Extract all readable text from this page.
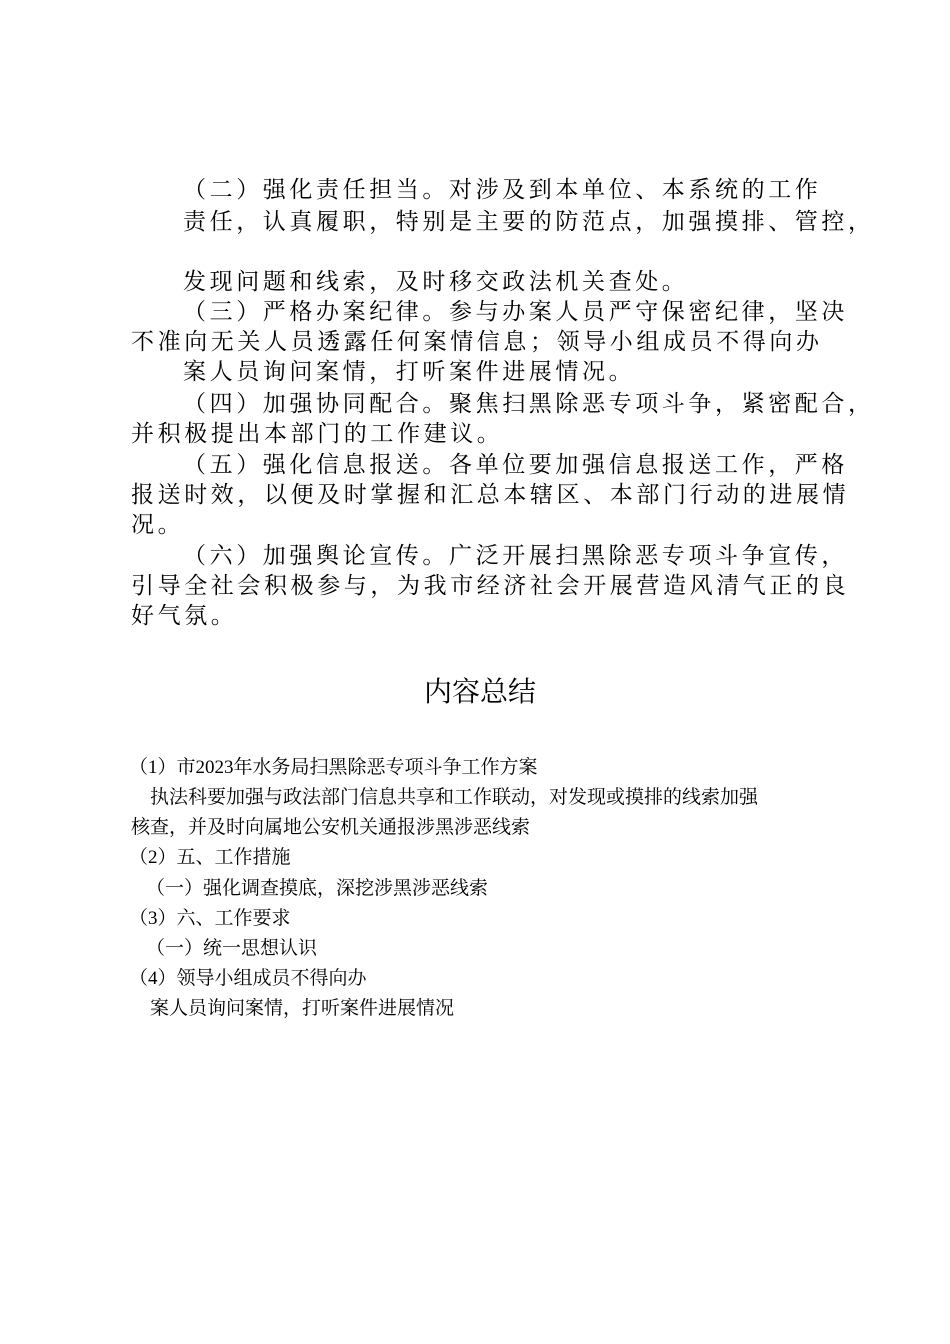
（二）强化责任担当。对涉及到本单位、本系统的工作
责任，认真履职，特别是主要的防范点，加强摸排、管控，
发现问题和线索，及时移交政法机关查处。
（三）严格办案纪律。参与办案人员严守保密纪律，坚决
不准向无关人员透露任何案情信息；领导小组成员不得向办
案人员询问案情，打听案件进展情况。
（四）加强协同配合。聚焦扫黑除恶专项斗争，紧密配合，
并积极提出本部门的工作建议。
（五）强化信息报送。各单位要加强信息报送工作，严格
报送时效，以便及时掌握和汇总本辖区、本部门行动的进展情
况。
（六）加强舆论宣传。广泛开展扫黑除恶专项斗争宣传，
引导全社会积极参与，为我市经济社会开展营造风清气正的良
好气氛。
内容总结
（1）市2023年水务局扫黑除恶专项斗争工作方案
执法科要加强与政法部门信息共享和工作联动，对发现或摸排的线索加强
核查，并及时向属地公安机关通报涉黑涉恶线索
（2）五、工作措施
（一）强化调查摸底，深挖涉黑涉恶线索
（3）六、工作要求
（一）统一思想认识
（4）领导小组成员不得向办
案人员询问案情，打听案件进展情况
